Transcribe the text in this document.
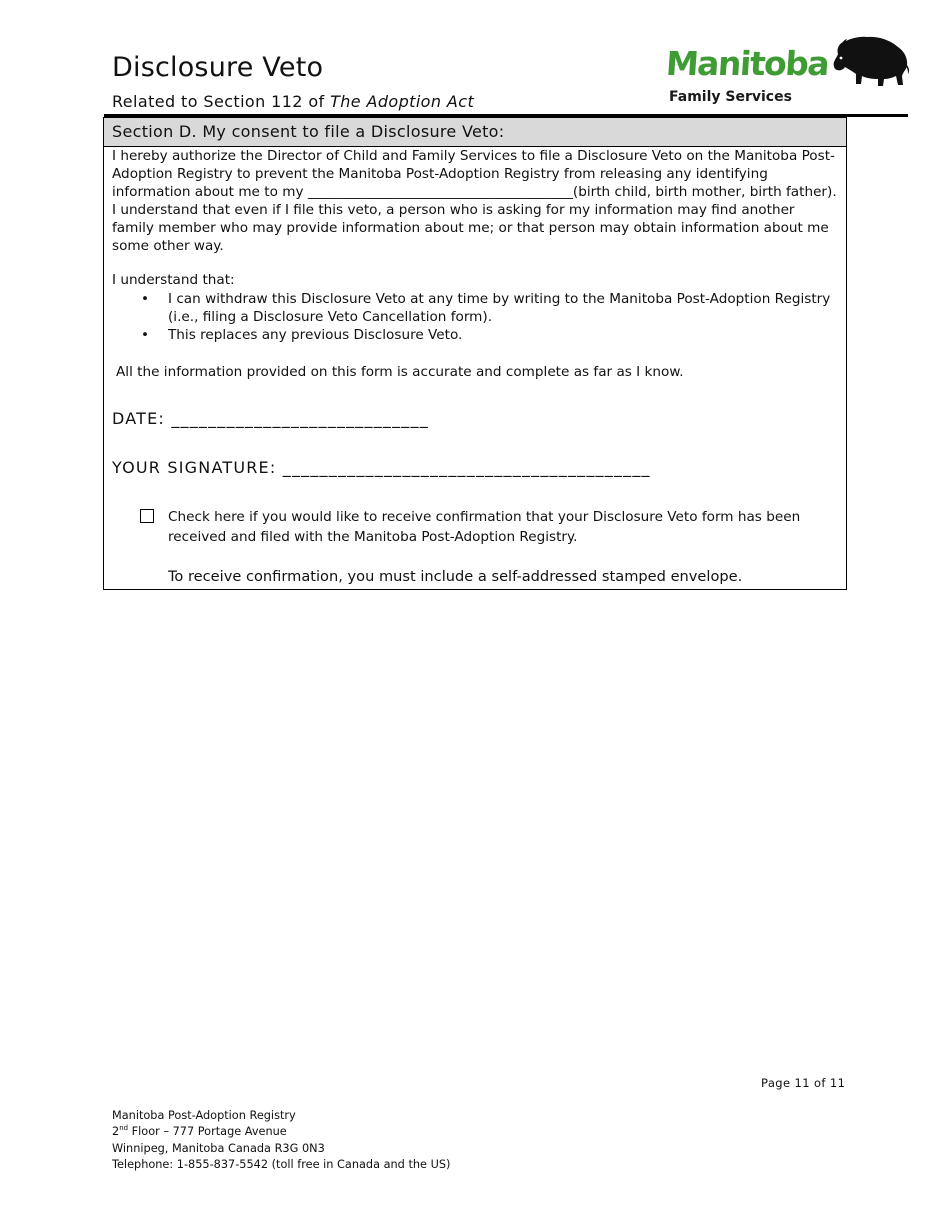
Disclosure Veto

Related to Section 112 of The Adoption Act

Manitoba
Family Services
Section D. My consent to file a Disclosure Veto:
I hereby authorize the Director of Child and Family Services to file a Disclosure Veto on the Manitoba Post-Adoption Registry to prevent the Manitoba Post-Adoption Registry from releasing any identifying information about me to my _______________________________________(birth child, birth mother, birth father). I understand that even if I file this veto, a person who is asking for my information may find another family member who may provide information about me; or that person may obtain information about me some other way.
I understand that:
• I can withdraw this Disclosure Veto at any time by writing to the Manitoba Post-Adoption Registry (i.e., filing a Disclosure Veto Cancellation form).
• This replaces any previous Disclosure Veto.
All the information provided on this form is accurate and complete as far as I know.
DATE: ____________________________
YOUR SIGNATURE: ________________________________________
Check here if you would like to receive confirmation that your Disclosure Veto form has been received and filed with the Manitoba Post-Adoption Registry.
To receive confirmation, you must include a self-addressed stamped envelope.
Page 11 of 11
Manitoba Post-Adoption Registry
2nd Floor – 777 Portage Avenue
Winnipeg, Manitoba Canada R3G 0N3
Telephone: 1-855-837-5542 (toll free in Canada and the US)
